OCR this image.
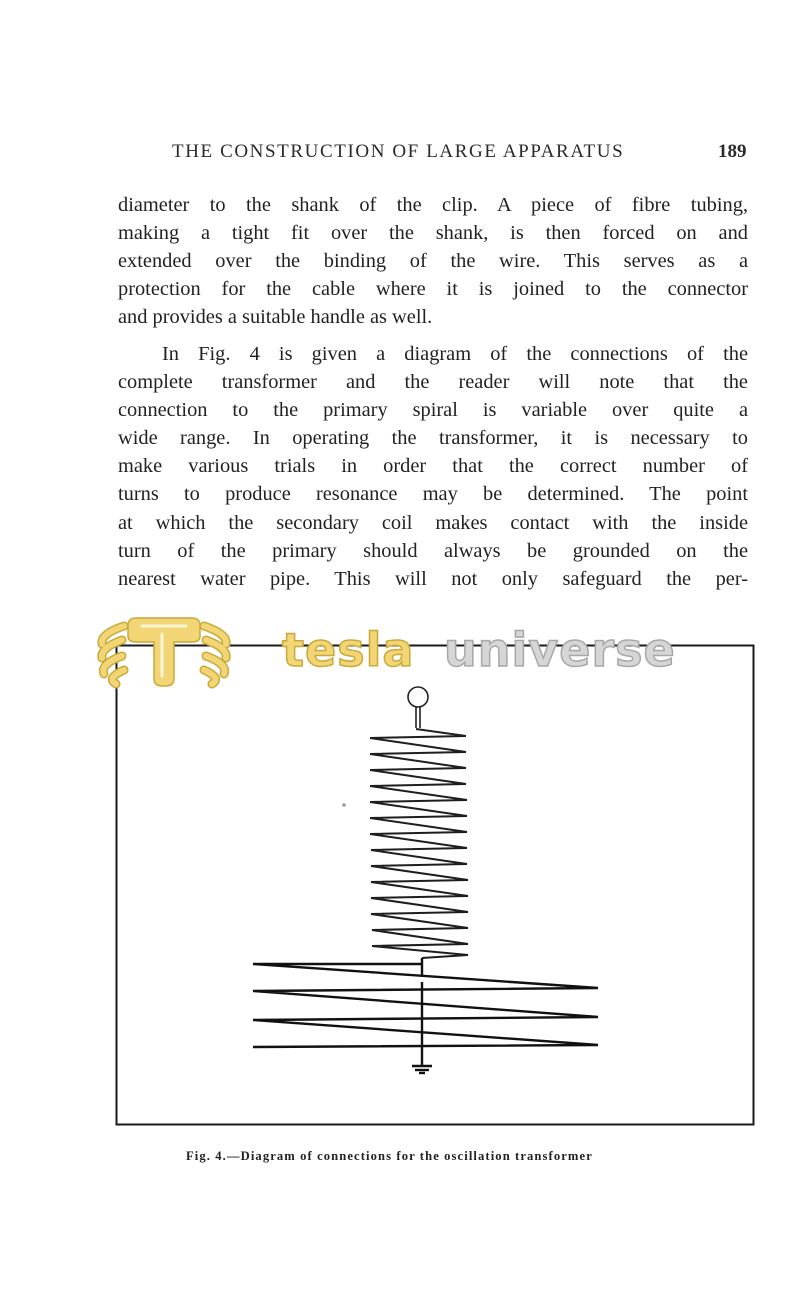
THE CONSTRUCTION OF LARGE APPARATUS	189
diameter to the shank of the clip. A piece of fibre tubing,
making a tight fit over the shank, is then forced on and
extended over the binding of the wire. This serves as a
protection for the cable where it is joined to the connector
and provides a suitable handle as well.
In Fig. 4 is given a diagram of the connections of the
complete transformer and the reader will note that the
connection to the primary spiral is variable over quite a
wide range. In operating the transformer, it is necessary to
make various trials in order that the correct number of
turns to produce resonance may be determined. The point
at which the secondary coil makes contact with the inside
turn of the primary should always be grounded on the
nearest water pipe. This will not only safeguard the per-
tesla universe
Fig. 4.—Diagram of connections for the oscillation transformer
